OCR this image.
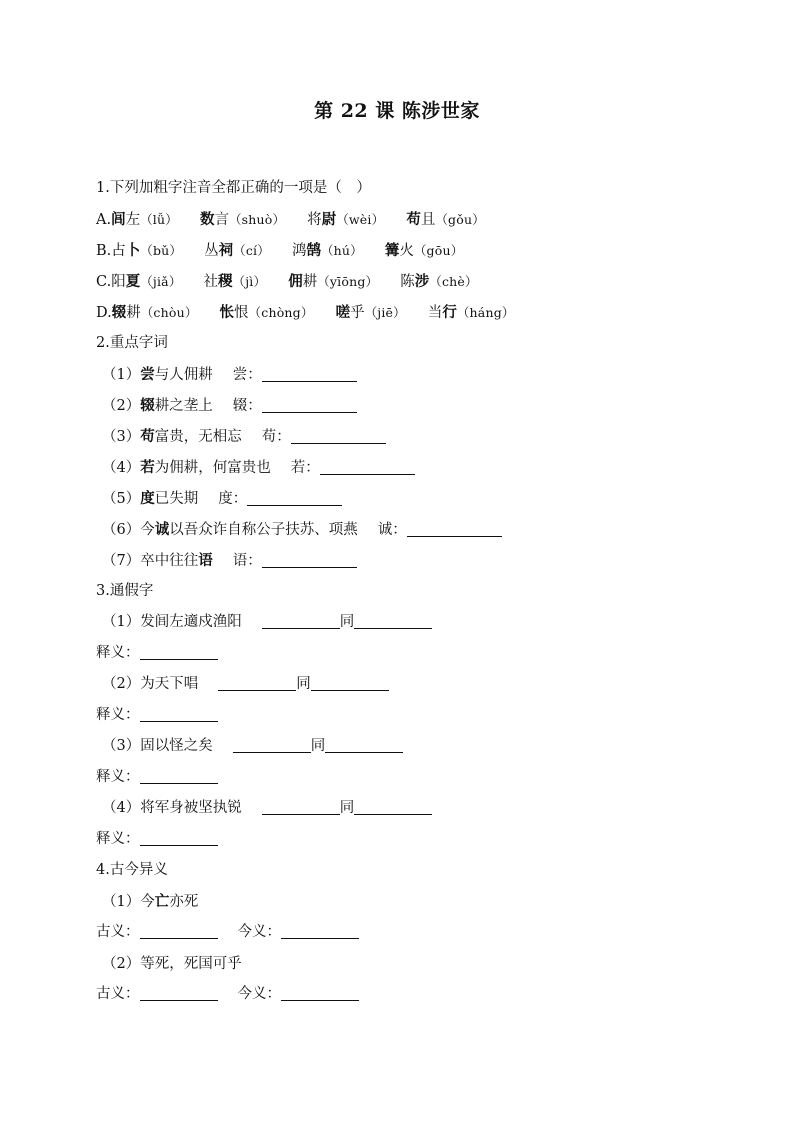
第 22 课 陈涉世家
1.下列加粗字注音全都正确的一项是（　）
A.闾左（lǚ） 数言（shuò） 将尉（wèi） 苟且（gǒu）
B.占卜（bǔ） 丛祠（cí） 鸿鹄（hú） 篝火（gōu）
C.阳夏（jiǎ） 社稷（jì） 佣耕（yīōng） 陈涉（chè）
D.辍耕（chòu） 怅恨（chòng） 嗟乎（jiē） 当行（háng）
2.重点字词
（1）尝与人佣耕 尝：
（2）辍耕之垄上 辍：
（3）苟富贵，无相忘 苟：
（4）若为佣耕，何富贵也 若：
（5）度已失期 度：
（6）今诚以吾众诈自称公子扶苏、项燕 诚：
（7）卒中往往语 语：
3.通假字
（1）发闾左適戍渔阳	同
释义：
（2）为天下唱	同
释义：
（3）固以怪之矣	同
释义：
（4）将军身被坚执锐	同
释义：
4.古今异义
（1）今亡亦死
古义：	今义：
（2）等死，死国可乎
古义：	今义：
